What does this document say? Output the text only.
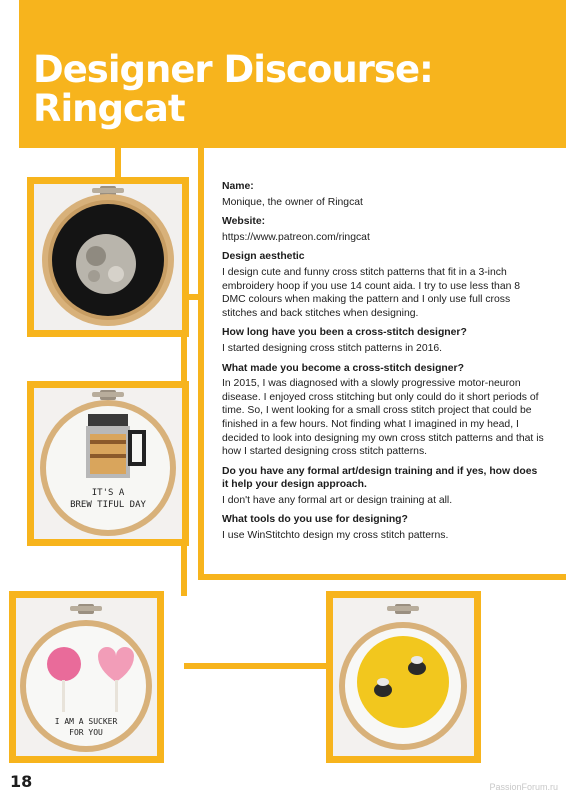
Designer Discourse:
Ringcat
IT'S A
BREW TIFUL DAY
I AM A SUCKER
FOR YOU

Name:

Monique, the owner of Ringcat

Website:

https://www.patreon.com/ringcat

Design aesthetic

I design cute and funny cross stitch patterns that fit in a 3-inch embroidery hoop if you use 14 count aida. I try to use less than 8 DMC colours when making the pattern and I only use full cross stitches and back stitches when designing.

How long have you been a cross-stitch designer?

I started designing cross stitch patterns in 2016.

What made you become a cross-stitch designer?

In 2015, I was diagnosed with a slowly progressive motor-neuron disease. I enjoyed cross stitching but only could do it short periods of time. So, I went looking for a small cross stitch project that could be finished in a few hours. Not finding what I imagined in my head, I decided to look into designing my own cross stitch patterns and that is how I started designing cross stitch patterns.

Do you have any formal art/design training and if yes, how does it help your design approach.

I don't have any formal art or design training at all.

What tools do you use for designing?

I use WinStitchto design my cross stitch patterns.

18	PassionForum.ru
